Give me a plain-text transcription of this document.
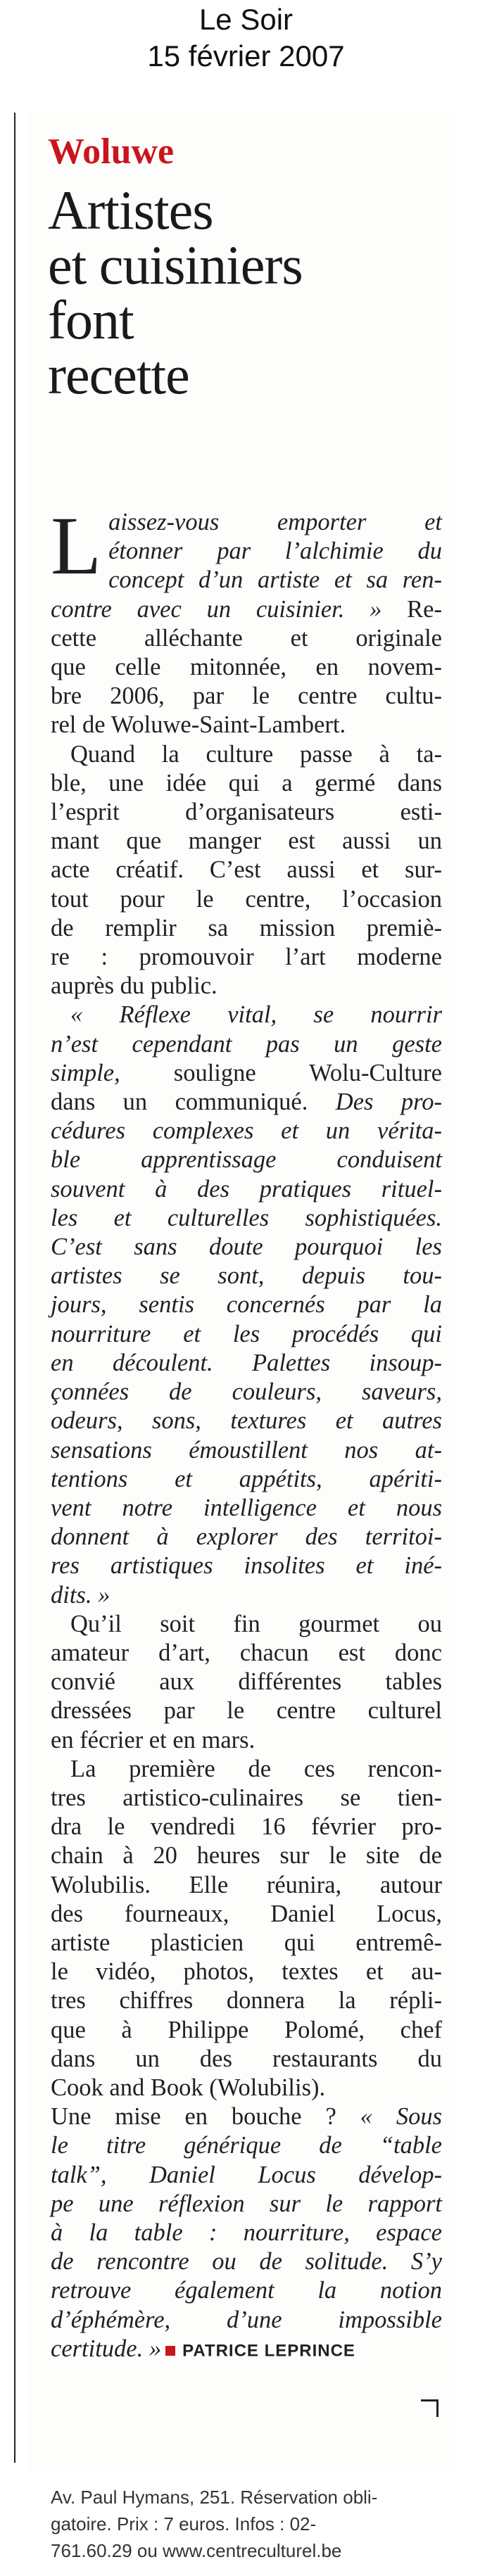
Le Soir
15 février 2007
Woluwe
Artistes
et cuisiniers
font
recette
L aissez-vous emporter et
étonner par l’alchimie du
concept d’un artiste et sa ren-
contre avec un cuisinier. » Re-
cette alléchante et originale
que celle mitonnée, en novem-
bre 2006, par le centre cultu-
rel de Woluwe-Saint-Lambert.
Quand la culture passe à ta-
ble, une idée qui a germé dans
l’esprit d’organisateurs esti-
mant que manger est aussi un
acte créatif. C’est aussi et sur-
tout pour le centre, l’occasion
de remplir sa mission premiè-
re : promouvoir l’art moderne
auprès du public.
« Réflexe vital, se nourrir
n’est cependant pas un geste
simple, souligne Wolu-Culture
dans un communiqué. Des pro-
cédures complexes et un vérita-
ble apprentissage conduisent
souvent à des pratiques rituel-
les et culturelles sophistiquées.
C’est sans doute pourquoi les
artistes se sont, depuis tou-
jours, sentis concernés par la
nourriture et les procédés qui
en découlent. Palettes insoup-
çonnées de couleurs, saveurs,
odeurs, sons, textures et autres
sensations émoustillent nos at-
tentions et appétits, apériti-
vent notre intelligence et nous
donnent à explorer des territoi-
res artistiques insolites et iné-
dits. »
Qu’il soit fin gourmet ou
amateur d’art, chacun est donc
convié aux différentes tables
dressées par le centre culturel
en fécrier et en mars.
La première de ces rencon-
tres artistico-culinaires se tien-
dra le vendredi 16 février pro-
chain à 20 heures sur le site de
Wolubilis. Elle réunira, autour
des fourneaux, Daniel Locus,
artiste plasticien qui entremê-
le vidéo, photos, textes et au-
tres chiffres donnera la répli-
que à Philippe Polomé, chef
dans un des restaurants du
Cook and Book (Wolubilis).
Une mise en bouche ? « Sous
le titre générique de “table
talk”, Daniel Locus dévelop-
pe une réflexion sur le rapport
à la table : nourriture, espace
de rencontre ou de solitude. S’y
retrouve également la notion
d’éphémère, d’une impossible
certitude. » PATRICE LEPRINCE
Av. Paul Hymans, 251. Réservation obli-
gatoire. Prix : 7 euros. Infos : 02-
761.60.29 ou www.centreculturel.be
